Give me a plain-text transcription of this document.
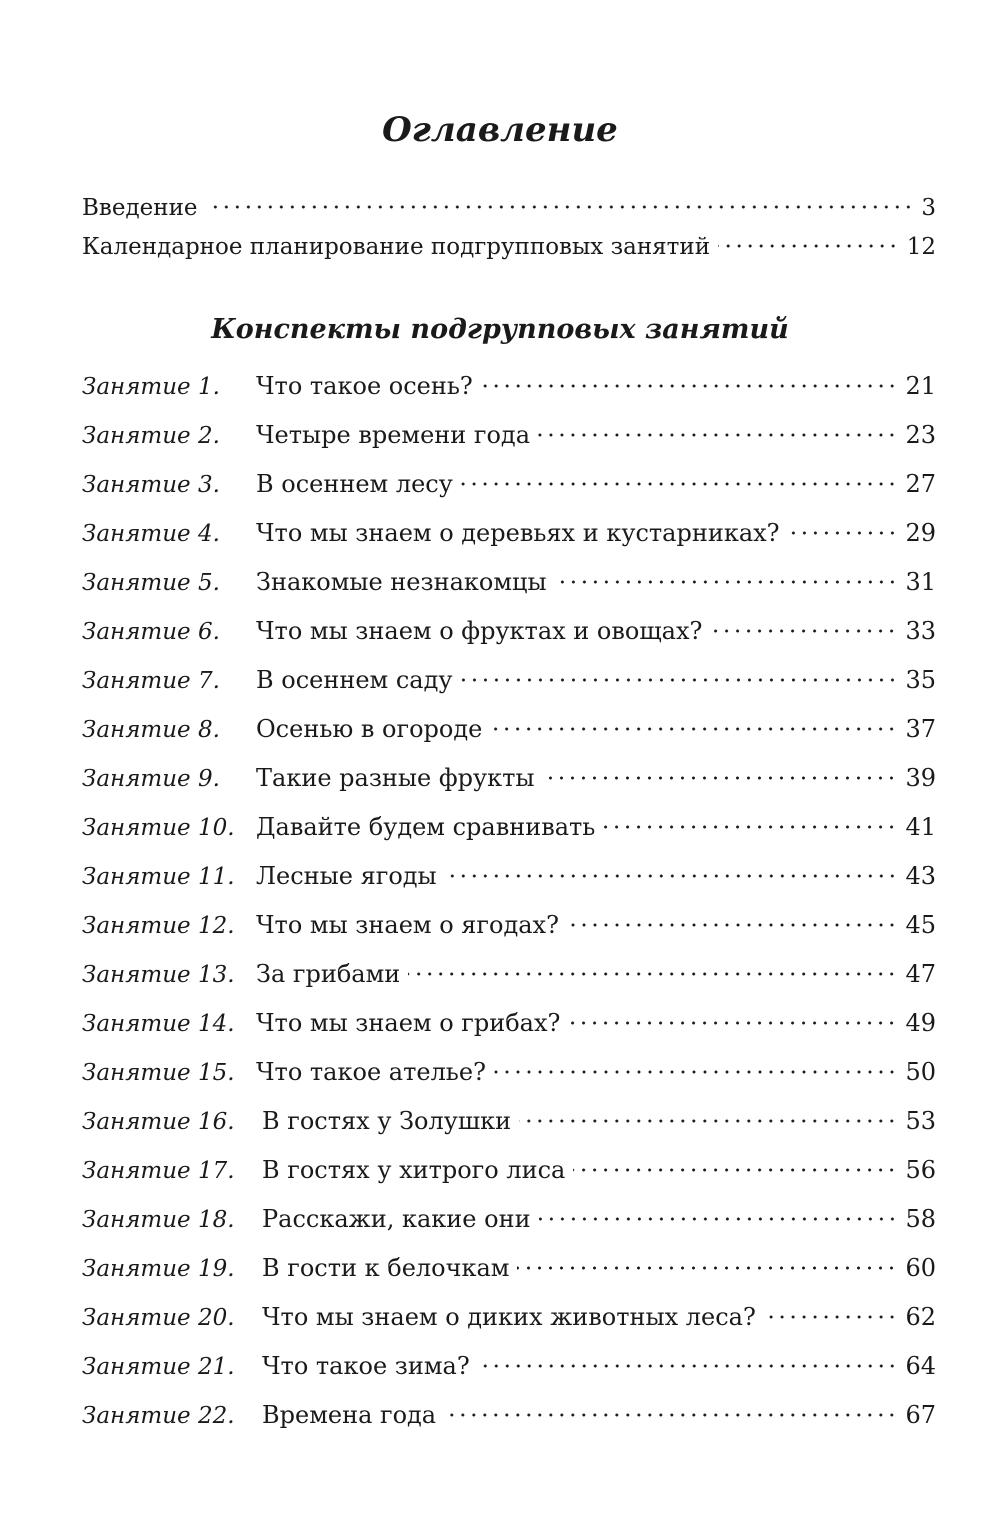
Оглавление
Введение	3
Календарное планирование подгрупповых занятий	12
Конспекты подгрупповых занятий
Занятие 1.	Что такое осень?	21
Занятие 2.	Четыре времени года	23
Занятие 3.	В осеннем лесу	27
Занятие 4.	Что мы знаем о деревьях и кустарниках?	29
Занятие 5.	Знакомые незнакомцы	31
Занятие 6.	Что мы знаем о фруктах и овощах?	33
Занятие 7.	В осеннем саду	35
Занятие 8.	Осенью в огороде	37
Занятие 9.	Такие разные фрукты	39
Занятие 10. Давайте будем сравнивать	41
Занятие 11. Лесные ягоды	43
Занятие 12. Что мы знаем о ягодах?	45
Занятие 13. За грибами	47
Занятие 14. Что мы знаем о грибах?	49
Занятие 15. Что такое ателье?	50
Занятие 16.	В гостях у Золушки	53
Занятие 17.	В гостях у хитрого лиса	56
Занятие 18.	Расскажи, какие они	58
Занятие 19.	В гости к белочкам	60
Занятие 20.	Что мы знаем о диких животных леса?	62
Занятие 21.	Что такое зима?	64
Занятие 22.	Времена года	67
